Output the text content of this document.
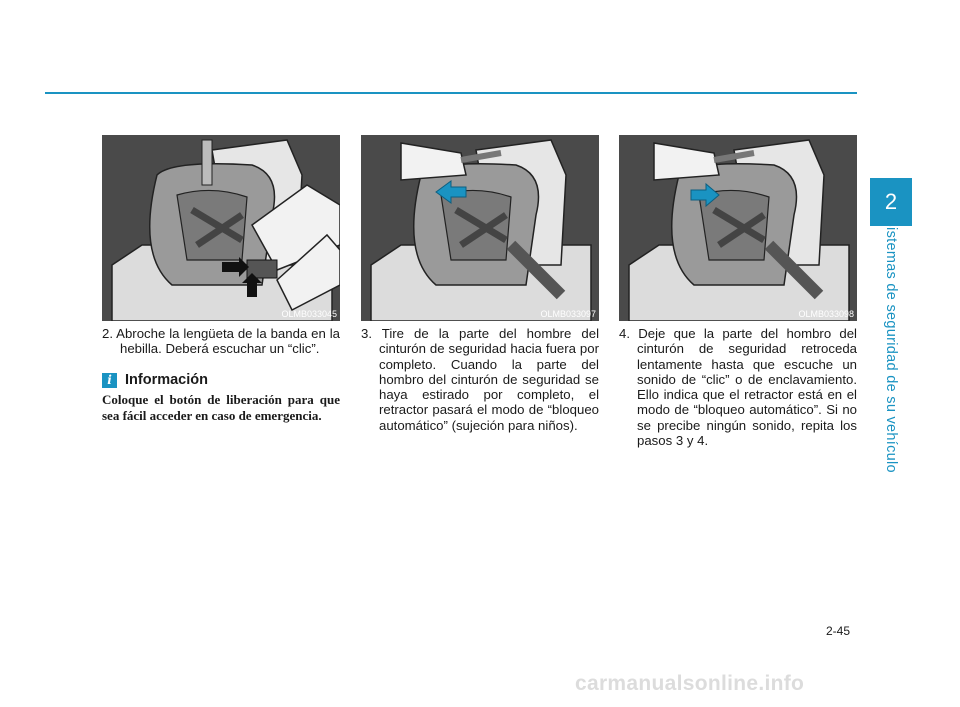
2
Sistemas de seguridad de su vehículo
OLMB033045	OLMB033097	OLMB033098

2. Abroche la lengüeta de la banda en la hebilla. Deberá escuchar un “clic”.

i Información

Coloque el botón de liberación para que sea fácil acceder en caso de emergencia.

3. Tire de la parte del hombre del cinturón de seguridad hacia fuera por completo. Cuando la parte del hombro del cinturón de seguridad se haya estirado por completo, el retractor pasará el modo de “bloqueo automático” (sujeción para niños).

4. Deje que la parte del hombro del cinturón de seguridad retroceda lentamente hasta que escuche un sonido de “clic” o de enclavamiento. Ello indica que el retractor está en el modo de “bloqueo automático”. Si no se precibe ningún sonido, repita los pasos 3 y 4.

2-45
carmanualsonline.info
